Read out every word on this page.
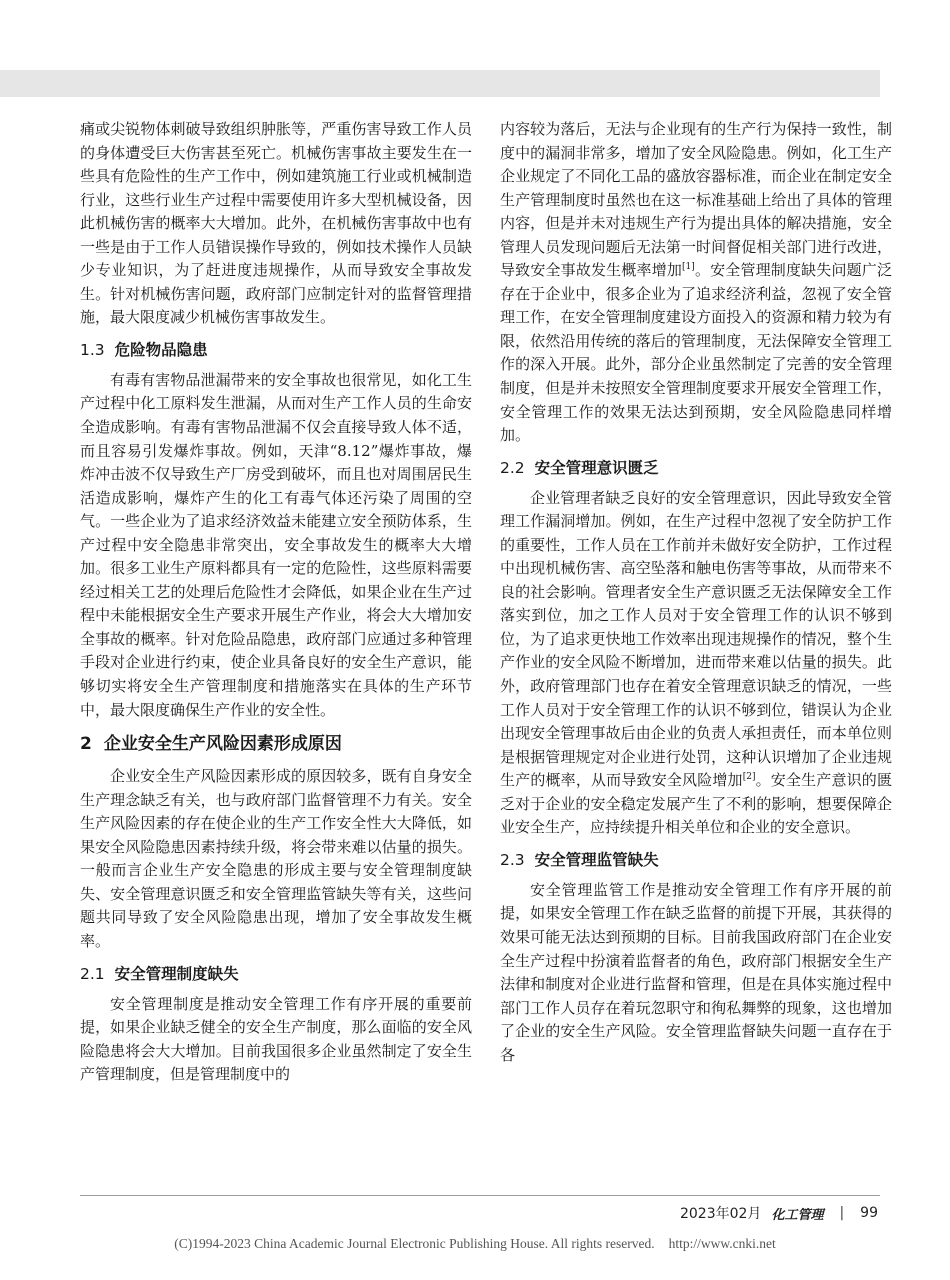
痛或尖锐物体刺破导致组织肿胀等，严重伤害导致工作人员的身体遭受巨大伤害甚至死亡。机械伤害事故主要发生在一些具有危险性的生产工作中，例如建筑施工行业或机械制造行业，这些行业生产过程中需要使用许多大型机械设备，因此机械伤害的概率大大增加。此外，在机械伤害事故中也有一些是由于工作人员错误操作导致的，例如技术操作人员缺少专业知识，为了赶进度违规操作，从而导致安全事故发生。针对机械伤害问题，政府部门应制定针对的监督管理措施，最大限度减少机械伤害事故发生。

1.3 危险物品隐患

有毒有害物品泄漏带来的安全事故也很常见，如化工生产过程中化工原料发生泄漏，从而对生产工作人员的生命安全造成影响。有毒有害物品泄漏不仅会直接导致人体不适，而且容易引发爆炸事故。例如，天津“8.12”爆炸事故，爆炸冲击波不仅导致生产厂房受到破坏，而且也对周围居民生活造成影响，爆炸产生的化工有毒气体还污染了周围的空气。一些企业为了追求经济效益未能建立安全预防体系，生产过程中安全隐患非常突出，安全事故发生的概率大大增加。很多工业生产原料都具有一定的危险性，这些原料需要经过相关工艺的处理后危险性才会降低，如果企业在生产过程中未能根据安全生产要求开展生产作业，将会大大增加安全事故的概率。针对危险品隐患，政府部门应通过多种管理手段对企业进行约束，使企业具备良好的安全生产意识，能够切实将安全生产管理制度和措施落实在具体的生产环节中，最大限度确保生产作业的安全性。

2 企业安全生产风险因素形成原因

企业安全生产风险因素形成的原因较多，既有自身安全生产理念缺乏有关，也与政府部门监督管理不力有关。安全生产风险因素的存在使企业的生产工作安全性大大降低，如果安全风险隐患因素持续升级，将会带来难以估量的损失。一般而言企业生产安全隐患的形成主要与安全管理制度缺失、安全管理意识匮乏和安全管理监管缺失等有关，这些问题共同导致了安全风险隐患出现，增加了安全事故发生概率。

2.1 安全管理制度缺失

安全管理制度是推动安全管理工作有序开展的重要前提，如果企业缺乏健全的安全生产制度，那么面临的安全风险隐患将会大大增加。目前我国很多企业虽然制定了安全生产管理制度，但是管理制度中的

内容较为落后，无法与企业现有的生产行为保持一致性，制度中的漏洞非常多，增加了安全风险隐患。例如，化工生产企业规定了不同化工品的盛放容器标准，而企业在制定安全生产管理制度时虽然也在这一标准基础上给出了具体的管理内容，但是并未对违规生产行为提出具体的解决措施，安全管理人员发现问题后无法第一时间督促相关部门进行改进，导致安全事故发生概率增加[1]。安全管理制度缺失问题广泛存在于企业中，很多企业为了追求经济利益，忽视了安全管理工作，在安全管理制度建设方面投入的资源和精力较为有限，依然沿用传统的落后的管理制度，无法保障安全管理工作的深入开展。此外，部分企业虽然制定了完善的安全管理制度，但是并未按照安全管理制度要求开展安全管理工作，安全管理工作的效果无法达到预期，安全风险隐患同样增加。

2.2 安全管理意识匮乏

企业管理者缺乏良好的安全管理意识，因此导致安全管理工作漏洞增加。例如，在生产过程中忽视了安全防护工作的重要性，工作人员在工作前并未做好安全防护，工作过程中出现机械伤害、高空坠落和触电伤害等事故，从而带来不良的社会影响。管理者安全生产意识匮乏无法保障安全工作落实到位，加之工作人员对于安全管理工作的认识不够到位，为了追求更快地工作效率出现违规操作的情况，整个生产作业的安全风险不断增加，进而带来难以估量的损失。此外，政府管理部门也存在着安全管理意识缺乏的情况，一些工作人员对于安全管理工作的认识不够到位，错误认为企业出现安全管理事故后由企业的负责人承担责任，而本单位则是根据管理规定对企业进行处罚，这种认识增加了企业违规生产的概率，从而导致安全风险增加[2]。安全生产意识的匮乏对于企业的安全稳定发展产生了不利的影响，想要保障企业安全生产，应持续提升相关单位和企业的安全意识。

2.3 安全管理监管缺失

安全管理监管工作是推动安全管理工作有序开展的前提，如果安全管理工作在缺乏监督的前提下开展，其获得的效果可能无法达到预期的目标。目前我国政府部门在企业安全生产过程中扮演着监督者的角色，政府部门根据安全生产法律和制度对企业进行监督和管理，但是在具体实施过程中部门工作人员存在着玩忽职守和徇私舞弊的现象，这也增加了企业的安全生产风险。安全管理监督缺失问题一直存在于各

2023年02月 化工管理 | 99
(C)1994-2023 China Academic Journal Electronic Publishing House. All rights reserved. http://www.cnki.net
